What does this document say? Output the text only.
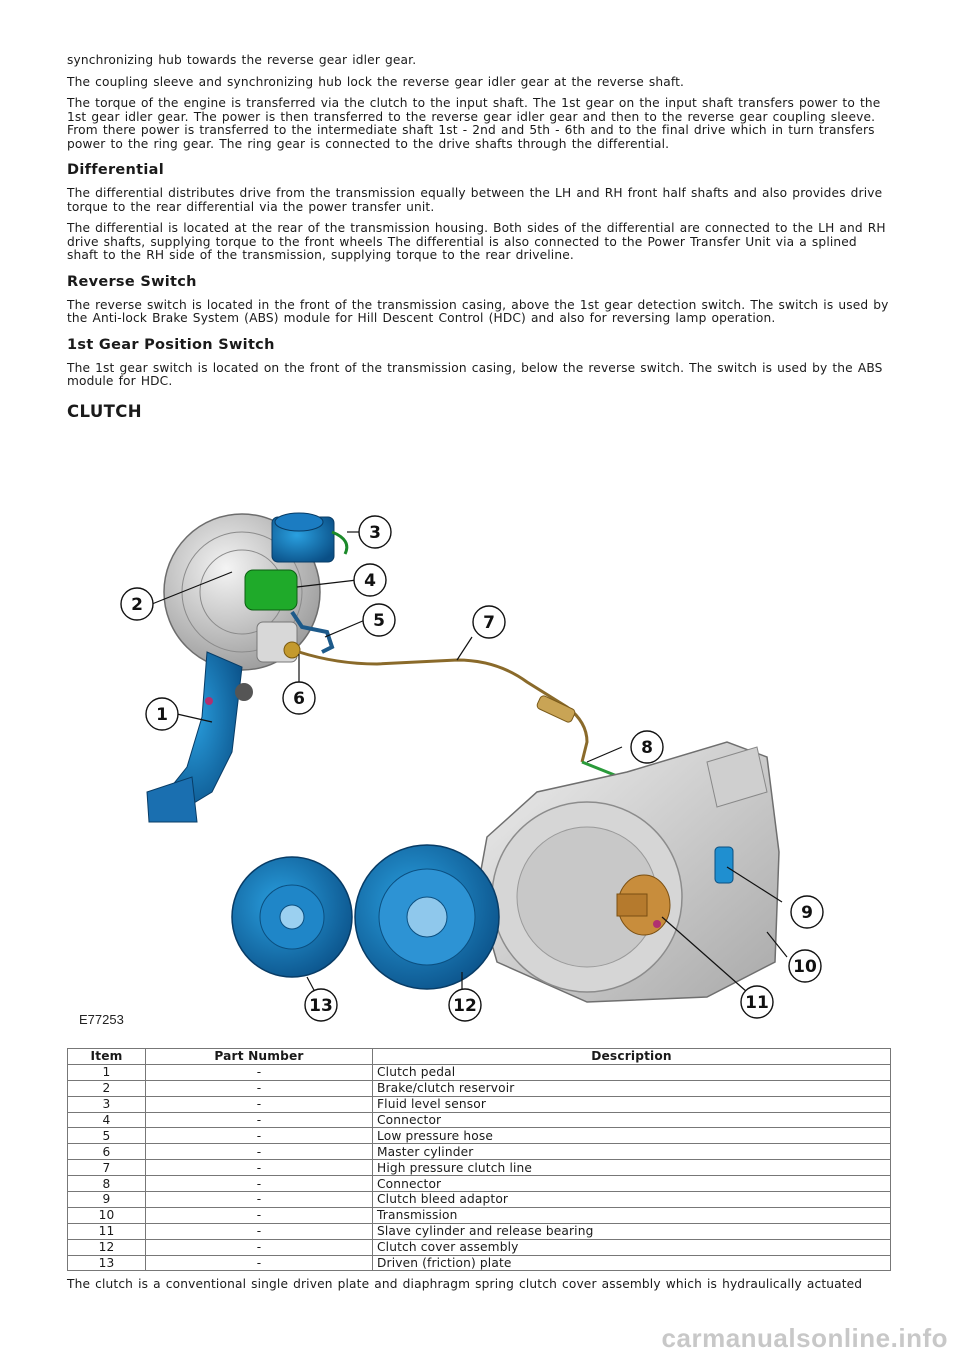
synchronizing hub towards the reverse gear idler gear.

The coupling sleeve and synchronizing hub lock the reverse gear idler gear at the reverse shaft.

The torque of the engine is transferred via the clutch to the input shaft. The 1st gear on the input shaft transfers power to the 1st gear idler gear. The power is then transferred to the reverse gear idler gear and then to the reverse gear coupling sleeve. From there power is transferred to the intermediate shaft 1st - 2nd and 5th - 6th and to the final drive which in turn transfers power to the ring gear. The ring gear is connected to the drive shafts through the differential.

Differential

The differential distributes drive from the transmission equally between the LH and RH front half shafts and also provides drive torque to the rear differential via the power transfer unit.

The differential is located at the rear of the transmission housing. Both sides of the differential are connected to the LH and RH drive shafts, supplying torque to the front wheels The differential is also connected to the Power Transfer Unit via a splined shaft to the RH side of the transmission, supplying torque to the rear driveline.

Reverse Switch

The reverse switch is located in the front of the transmission casing, above the 1st gear detection switch. The switch is used by the Anti-lock Brake System (ABS) module for Hill Descent Control (HDC) and also for reversing lamp operation.

1st Gear Position Switch

The 1st gear switch is located on the front of the transmission casing, below the reverse switch. The switch is used by the ABS module for HDC.

CLUTCH
3
4
5	7
2
6
1
8
9
10
11
12
13
E77253
Item	Part Number	Description
1	-	Clutch pedal
2	-	Brake/clutch reservoir
3	-	Fluid level sensor
4	-	Connector
5	-	Low pressure hose
6	-	Master cylinder
7	-	High pressure clutch line
8	-	Connector
9	-	Clutch bleed adaptor
10	-	Transmission
11	-	Slave cylinder and release bearing
12	-	Clutch cover assembly
13	-	Driven (friction) plate
The clutch is a conventional single driven plate and diaphragm spring clutch cover assembly which is hydraulically actuated
carmanualsonline.info
